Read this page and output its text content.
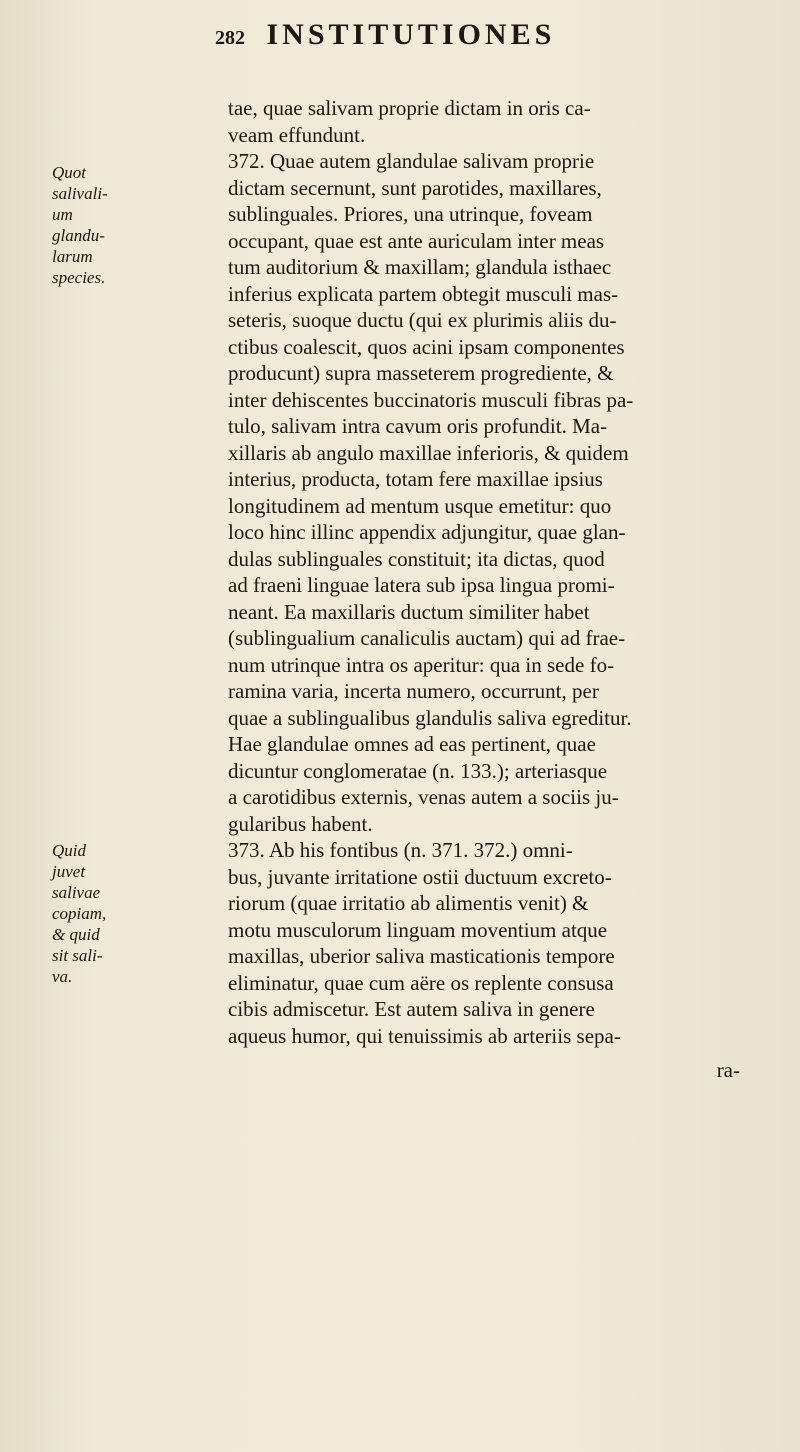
282 INSTITUTIONES
Quot
salivali-
um
glandu-
larum
species.
Quid
juvet
salivae
copiam,
& quid
sit sali-
va.
tae, quae salivam proprie dictam in oris ca-
veam effundunt.
372. Quae autem glandulae salivam proprie
dictam secernunt, sunt parotides, maxillares,
sublinguales. Priores, una utrinque, foveam
occupant, quae est ante auriculam inter meas
tum auditorium & maxillam; glandula isthaec
inferius explicata partem obtegit musculi mas-
seteris, suoque ductu (qui ex plurimis aliis du-
ctibus coalescit, quos acini ipsam componentes
producunt) supra masseterem progrediente, &
inter dehiscentes buccinatoris musculi fibras pa-
tulo, salivam intra cavum oris profundit. Ma-
xillaris ab angulo maxillae inferioris, & quidem
interius, producta, totam fere maxillae ipsius
longitudinem ad mentum usque emetitur: quo
loco hinc illinc appendix adjungitur, quae glan-
dulas sublinguales constituit; ita dictas, quod
ad fraeni linguae latera sub ipsa lingua promi-
neant. Ea maxillaris ductum similiter habet
(sublingualium canaliculis auctam) qui ad frae-
num utrinque intra os aperitur: qua in sede fo-
ramina varia, incerta numero, occurrunt, per
quae a sublingualibus glandulis saliva egreditur.
Hae glandulae omnes ad eas pertinent, quae
dicuntur conglomeratae (n. 133.); arteriasque
a carotidibus externis, venas autem a sociis ju-
gularibus habent.
373. Ab his fontibus (n. 371. 372.) omni-
bus, juvante irritatione ostii ductuum excreto-
riorum (quae irritatio ab alimentis venit) &
motu musculorum linguam moventium atque
maxillas, uberior saliva masticationis tempore
eliminatur, quae cum aëre os replente consusa
cibis admiscetur. Est autem saliva in genere
aqueus humor, qui tenuissimis ab arteriis sepa-
ra-
